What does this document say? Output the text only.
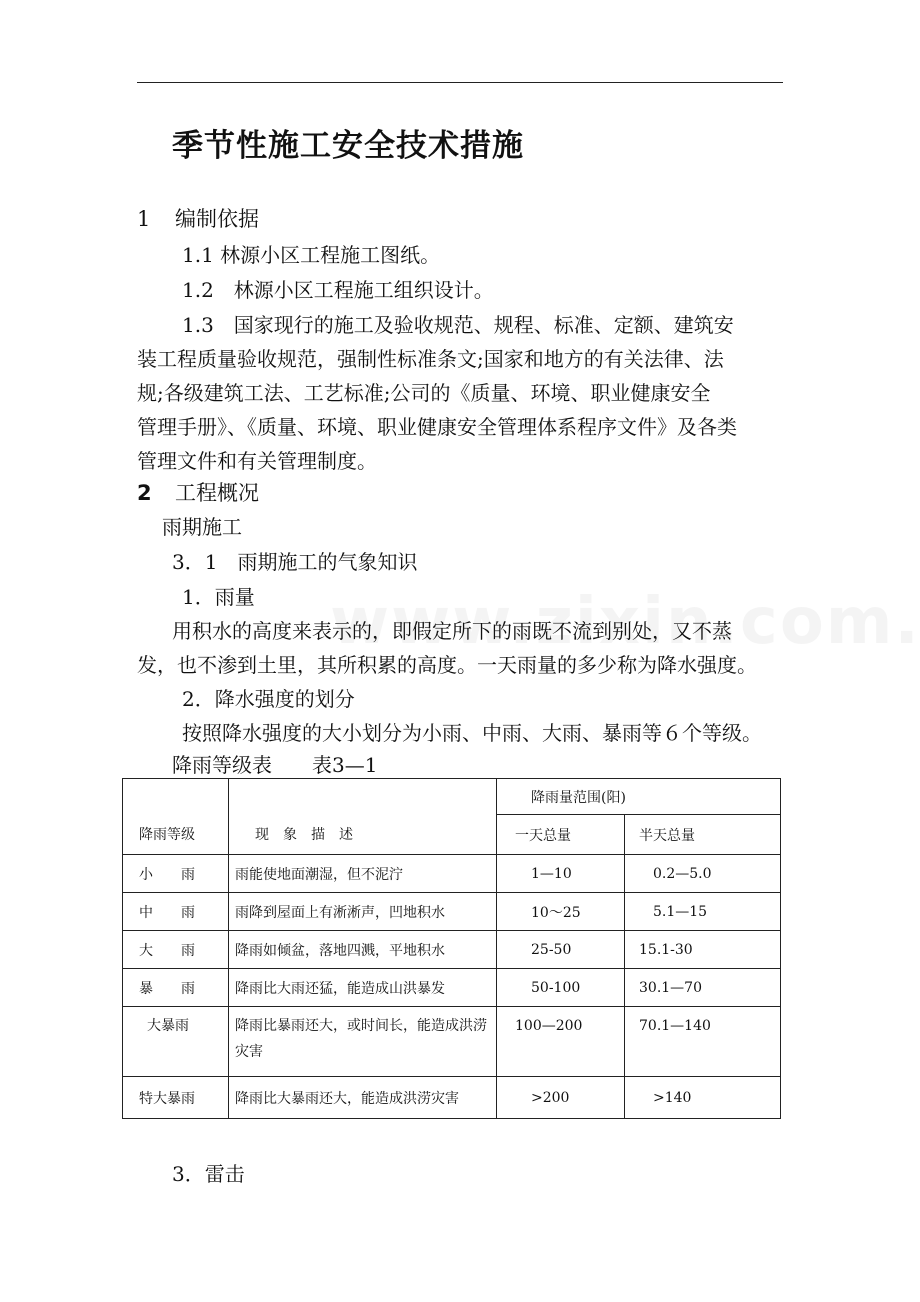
季节性施工安全技术措施
1 编制依据
1.1 林源小区工程施工图纸。
1.2　林源小区工程施工组织设计。
1.3　国家现行的施工及验收规范、规程、标准、定额、建筑安
装工程质量验收规范，强制性标准条文;国家和地方的有关法律、法
规;各级建筑工法、工艺标准;公司的《质量、环境、职业健康安全
管理手册》、《质量、环境、职业健康安全管理体系程序文件》及各类
管理文件和有关管理制度。
2 工程概况
雨期施工
3．1　雨期施工的气象知识
1．雨量
用积水的高度来表示的，即假定所下的雨既不流到别处，又不蒸
发，也不渗到土里，其所积累的高度。一天雨量的多少称为降水强度。
2．降水强度的划分
按照降水强度的大小划分为小雨、中雨、大雨、暴雨等６个等级。
降雨等级表　　表3—1
降雨等级	现　象　描　述	降雨量范围(阳)	
		一天总量	半天总量
小　　雨	雨能使地面潮湿，但不泥泞	1—10	0.2—5.0
中　　雨	雨降到屋面上有淅淅声，凹地积水	10～25	5.1—15
大　　雨	降雨如倾盆，落地四溅，平地积水	25-50	15.1-30
暴　　雨	降雨比大雨还猛，能造成山洪暴发	50-100	30.1—70
大暴雨	降雨比暴雨还大，或时间长，能造成洪涝灾害	100—200	70.1—140
特大暴雨	降雨比大暴雨还大，能造成洪涝灾害	>200	>140
3．雷击
